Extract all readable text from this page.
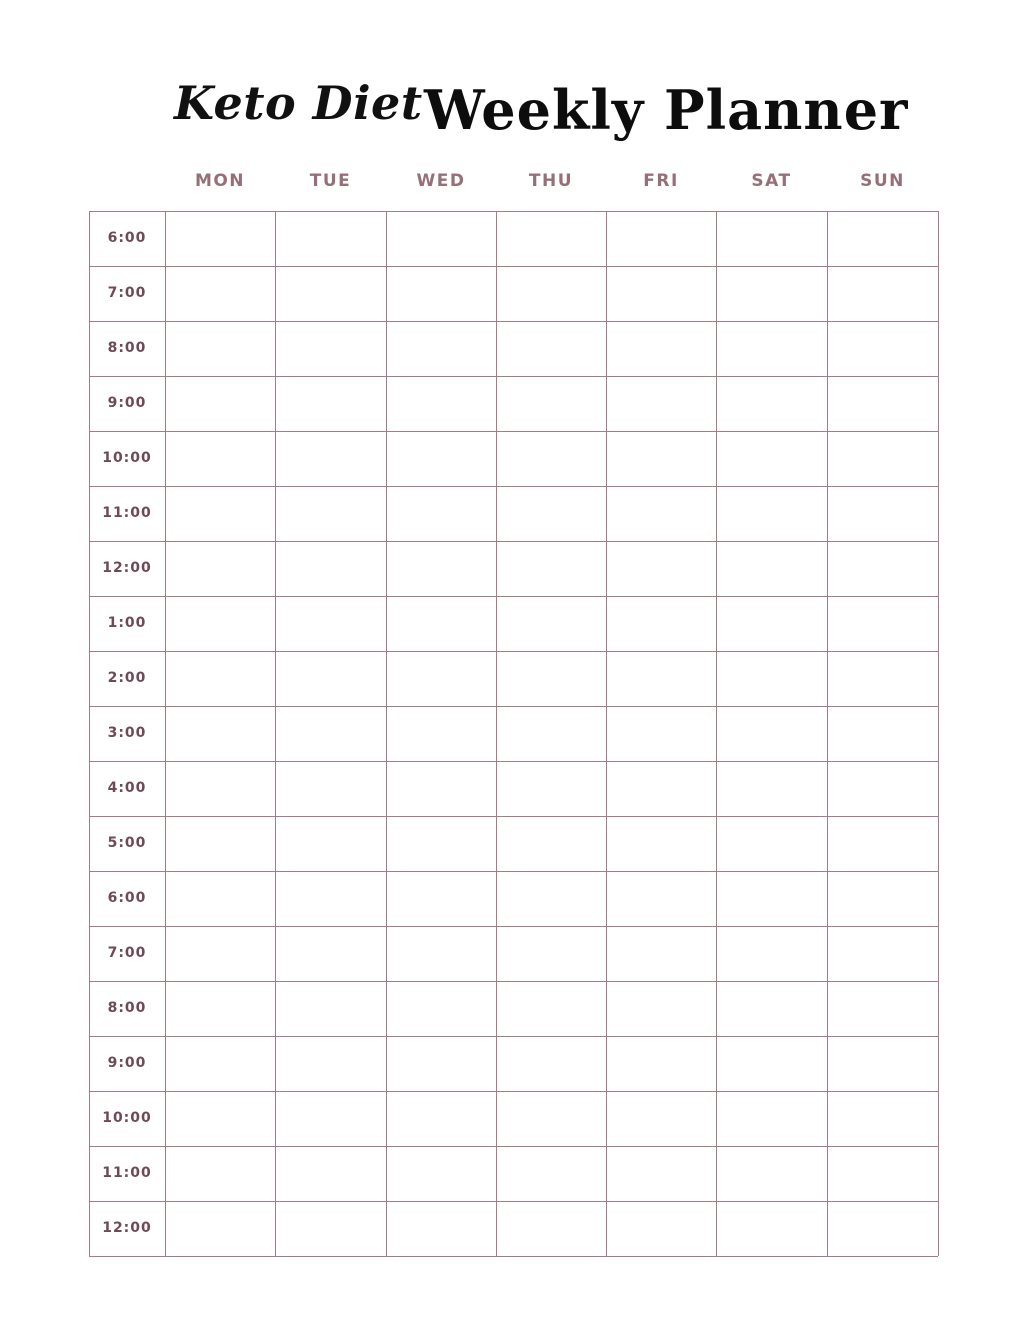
Keto Diet Weekly Planner
MON	TUE	WED	THU	FRI	SAT	SUN
6:00
7:00
8:00
9:00
10:00
11:00
12:00
1:00
2:00
3:00
4:00
5:00
6:00
7:00
8:00
9:00
10:00
11:00
12:00
